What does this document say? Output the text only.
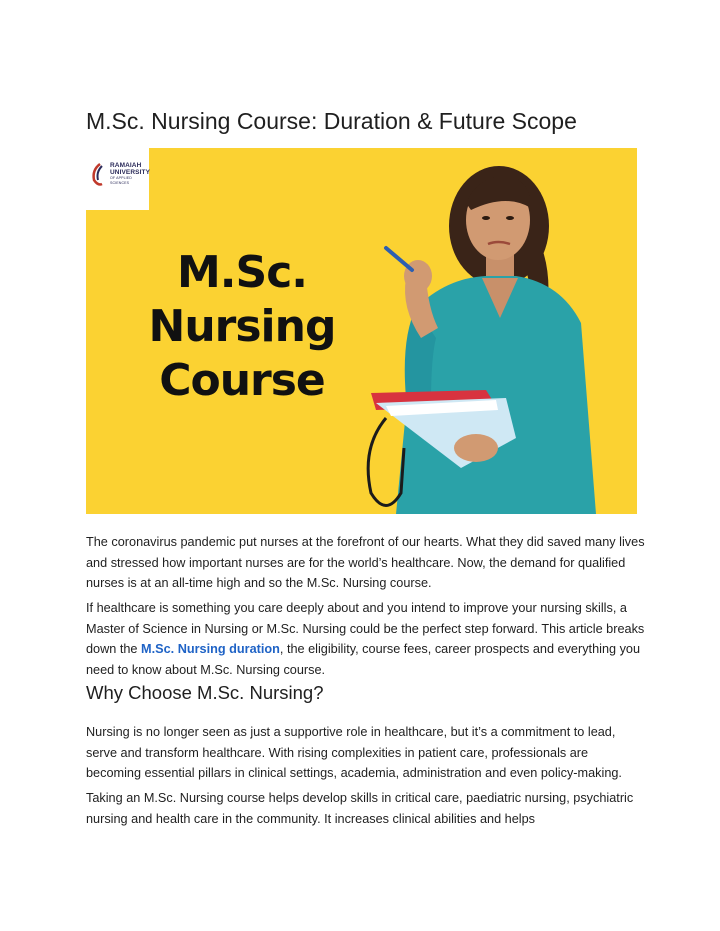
M.Sc. Nursing Course: Duration & Future Scope
RAMAIAH
UNIVERSITY
OF APPLIED SCIENCES
M.Sc.
Nursing
Course

The coronavirus pandemic put nurses at the forefront of our hearts. What they did saved many lives and stressed how important nurses are for the world’s healthcare. Now, the demand for qualified nurses is at an all-time high and so the M.Sc. Nursing course.

If healthcare is something you care deeply about and you intend to improve your nursing skills, a Master of Science in Nursing or M.Sc. Nursing could be the perfect step forward. This article breaks down the M.Sc. Nursing duration, the eligibility, course fees, career prospects and everything you need to know about M.Sc. Nursing course.

Why Choose M.Sc. Nursing?

Nursing is no longer seen as just a supportive role in healthcare, but it’s a commitment to lead, serve and transform healthcare. With rising complexities in patient care, professionals are becoming essential pillars in clinical settings, academia, administration and even policy-making.

Taking an M.Sc. Nursing course helps develop skills in critical care, paediatric nursing, psychiatric nursing and health care in the community. It increases clinical abilities and helps
